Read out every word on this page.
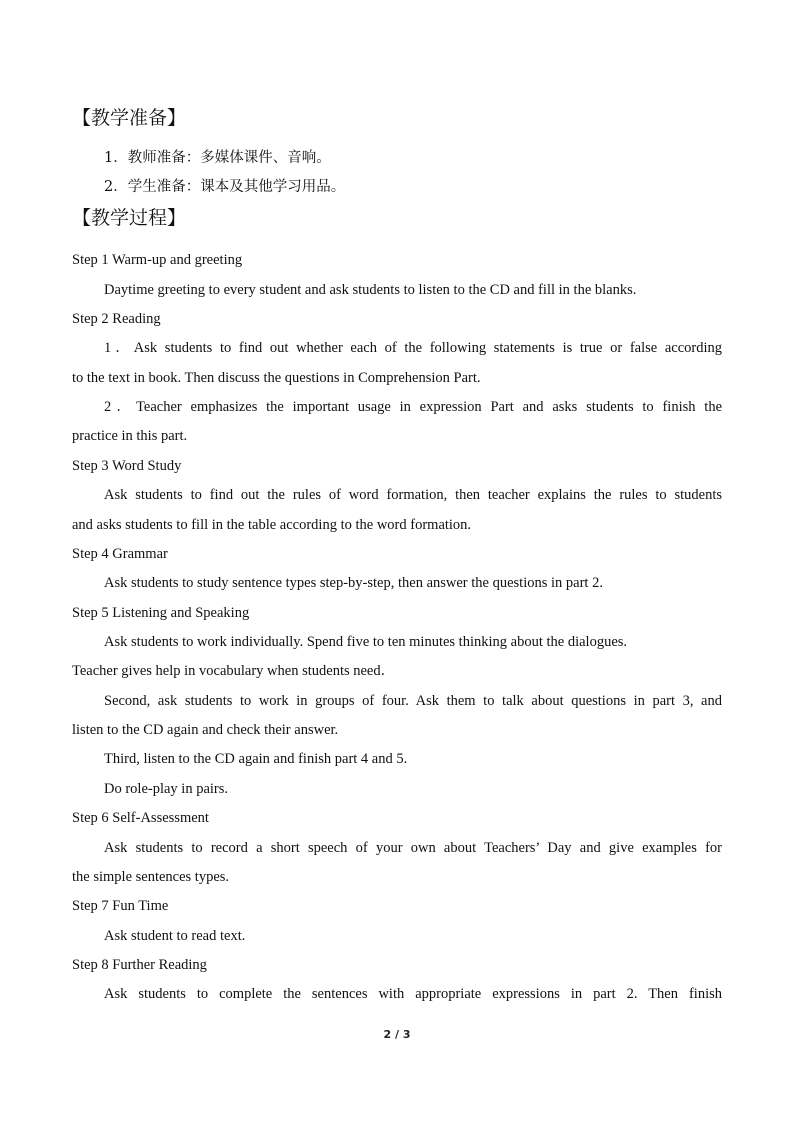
【教学准备】
1．教师准备：多媒体课件、音响。
2．学生准备：课本及其他学习用品。
【教学过程】
Step 1 Warm-up and greeting
Daytime greeting to every student and ask students to listen to the CD and fill in the blanks.
Step 2 Reading
1．Ask students to find out whether each of the following statements is true or false according
to the text in book. Then discuss the questions in Comprehension Part.
2．Teacher emphasizes the important usage in expression Part and asks students to finish the
practice in this part.
Step 3 Word Study
Ask students to find out the rules of word formation, then teacher explains the rules to students
and asks students to fill in the table according to the word formation.
Step 4 Grammar
Ask students to study sentence types step-by-step, then answer the questions in part 2.
Step 5 Listening and Speaking
Ask students to work individually. Spend five to ten minutes thinking about the dialogues.
Teacher gives help in vocabulary when students need．
Second, ask students to work in groups of four. Ask them to talk about questions in part 3, and
listen to the CD again and check their answer.
Third, listen to the CD again and finish part 4 and 5.
Do role-play in pairs.
Step 6 Self-Assessment
Ask students to record a short speech of your own about Teachers’ Day and give examples for
the simple sentences types.
Step 7 Fun Time
Ask student to read text.
Step 8 Further Reading
Ask students to complete the sentences with appropriate expressions in part 2. Then finish
2 / 3
